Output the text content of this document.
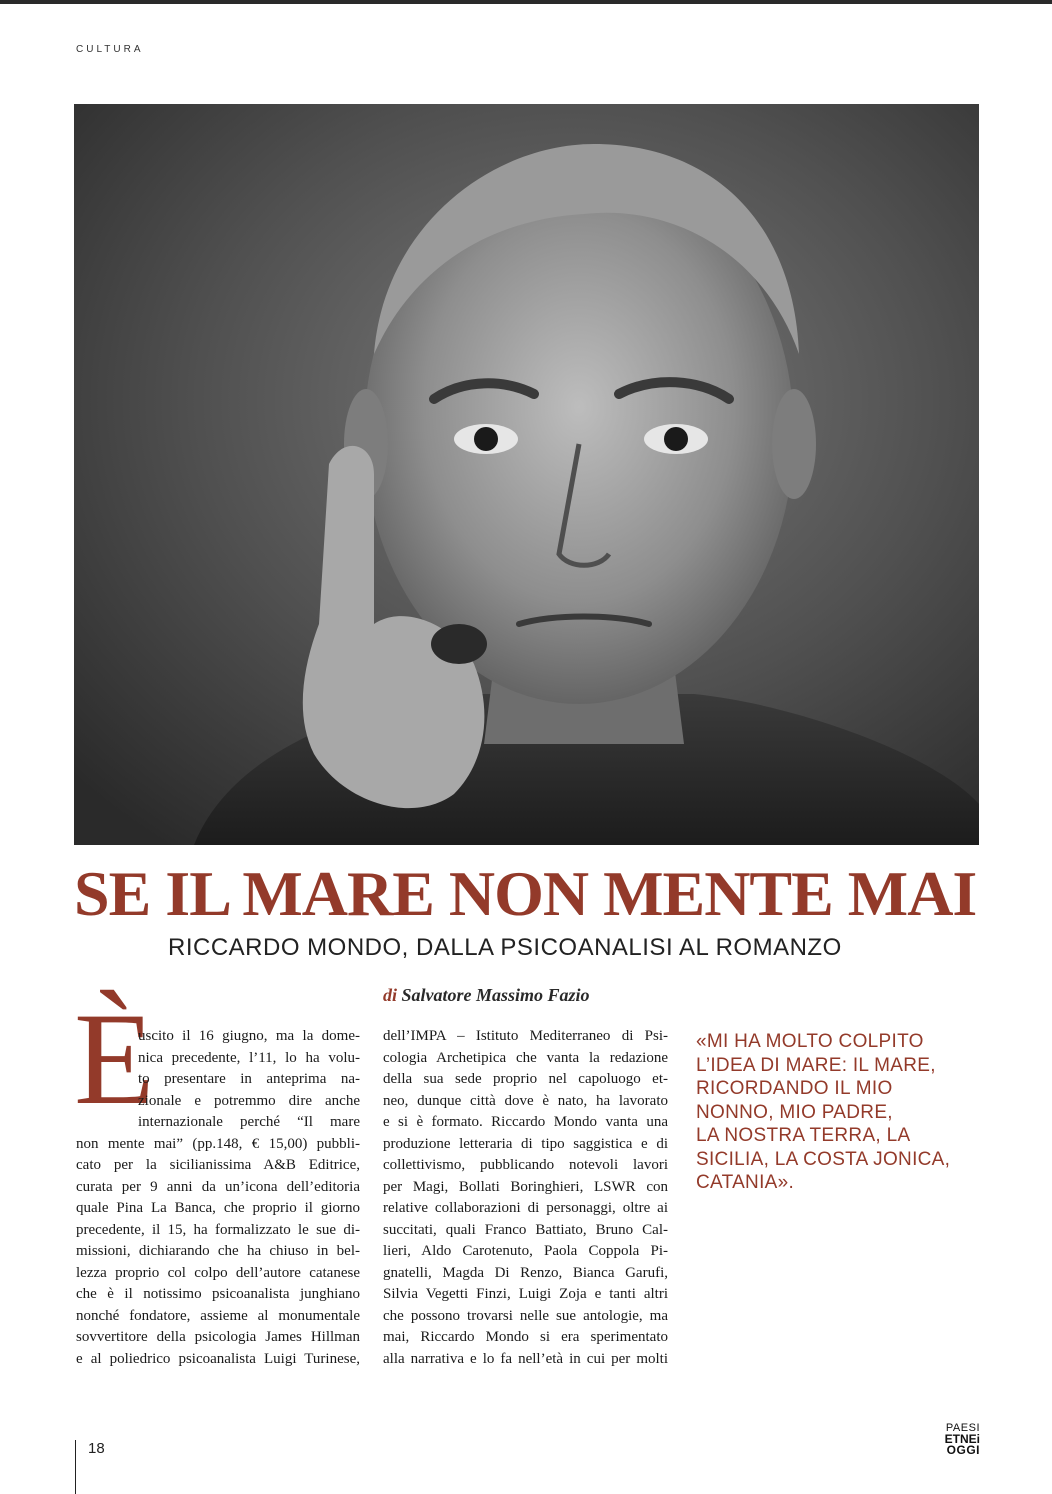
CULTURA
SE IL MARE NON MENTE MAI
RICCARDO MONDO, DALLA PSICOANALISI AL ROMANZO
di Salvatore Massimo Fazio
È
uscito il 16 giugno, ma la dome-
nica precedente, l’11, lo ha volu-
to presentare in anteprima na-
zionale e potremmo dire anche
internazionale perché “Il mare
non mente mai” (pp.148, € 15,00) pubbli-
cato per la sicilianissima A&B Editrice,
curata per 9 anni da un’icona dell’editoria
quale Pina La Banca, che proprio il giorno
precedente, il 15, ha formalizzato le sue di-
missioni, dichiarando che ha chiuso in bel-
lezza proprio col colpo dell’autore catanese
che è il notissimo psicoanalista junghiano
nonché fondatore, assieme al monumentale
sovvertitore della psicologia James Hillman
e al poliedrico psicoanalista Luigi Turinese,
dell’IMPA – Istituto Mediterraneo di Psi-
cologia Archetipica che vanta la redazione
della sua sede proprio nel capoluogo et-
neo, dunque città dove è nato, ha lavorato
e si è formato. Riccardo Mondo vanta una
produzione letteraria di tipo saggistica e di
collettivismo, pubblicando notevoli lavori
per Magi, Bollati Boringhieri, LSWR con
relative collaborazioni di personaggi, oltre ai
succitati, quali Franco Battiato, Bruno Cal-
lieri, Aldo Carotenuto, Paola Coppola Pi-
gnatelli, Magda Di Renzo, Bianca Garufi,
Silvia Vegetti Finzi, Luigi Zoja e tanti altri
che possono trovarsi nelle sue antologie, ma
mai, Riccardo Mondo si era sperimentato
alla narrativa e lo fa nell’età in cui per molti
«MI HA MOLTO COLPITO
L’IDEA DI MARE: IL MARE,
RICORDANDO IL MIO
NONNO, MIO PADRE,
LA NOSTRA TERRA, LA
SICILIA, LA COSTA JONICA,
CATANIA».
18
PAESI
ETNEi
OGGI
